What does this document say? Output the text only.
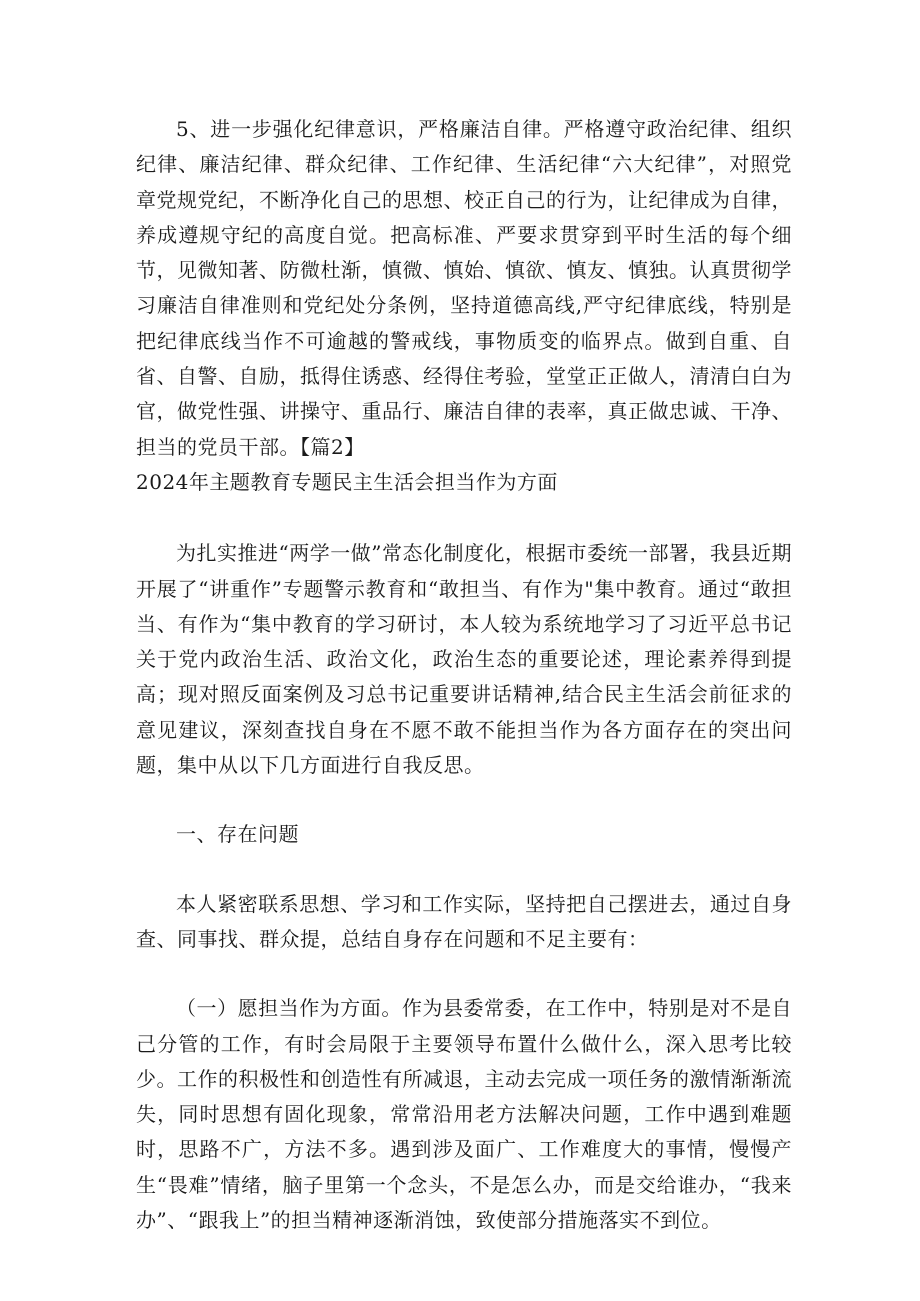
5、进一步强化纪律意识，严格廉洁自律。严格遵守政治纪律、组织纪律、廉洁纪律、群众纪律、工作纪律、生活纪律“六大纪律”，对照党章党规党纪，不断净化自己的思想、校正自己的行为，让纪律成为自律，养成遵规守纪的高度自觉。把高标准、严要求贯穿到平时生活的每个细节，见微知著、防微杜渐，慎微、慎始、慎欲、慎友、慎独。认真贯彻学习廉洁自律准则和党纪处分条例，坚持道德高线,严守纪律底线，特别是把纪律底线当作不可逾越的警戒线，事物质变的临界点。做到自重、自省、自警、自励，抵得住诱惑、经得住考验，堂堂正正做人，清清白白为官，做党性强、讲操守、重品行、廉洁自律的表率，真正做忠诚、干净、担当的党员干部。【篇2】

2024年主题教育专题民主生活会担当作为方面

为扎实推进“两学一做”常态化制度化，根据市委统一部署，我县近期开展了“讲重作”专题警示教育和“敢担当、有作为"集中教育。通过“敢担当、有作为“集中教育的学习研讨，本人较为系统地学习了习近平总书记关于党内政治生活、政治文化，政治生态的重要论述，理论素养得到提高；现对照反面案例及习总书记重要讲话精神,结合民主生活会前征求的意见建议，深刻查找自身在不愿不敢不能担当作为各方面存在的突出问题，集中从以下几方面进行自我反思。

一、存在问题

本人紧密联系思想、学习和工作实际，坚持把自己摆进去，通过自身查、同事找、群众提，总结自身存在问题和不足主要有：

（一）愿担当作为方面。作为县委常委，在工作中，特别是对不是自己分管的工作，有时会局限于主要领导布置什么做什么，深入思考比较少。工作的积极性和创造性有所减退，主动去完成一项任务的激情渐渐流失，同时思想有固化现象，常常沿用老方法解决问题，工作中遇到难题时，思路不广，方法不多。遇到涉及面广、工作难度大的事情，慢慢产生“畏难”情绪，脑子里第一个念头，不是怎么办，而是交给谁办，“我来办”、“跟我上”的担当精神逐渐消蚀，致使部分措施落实不到位。
